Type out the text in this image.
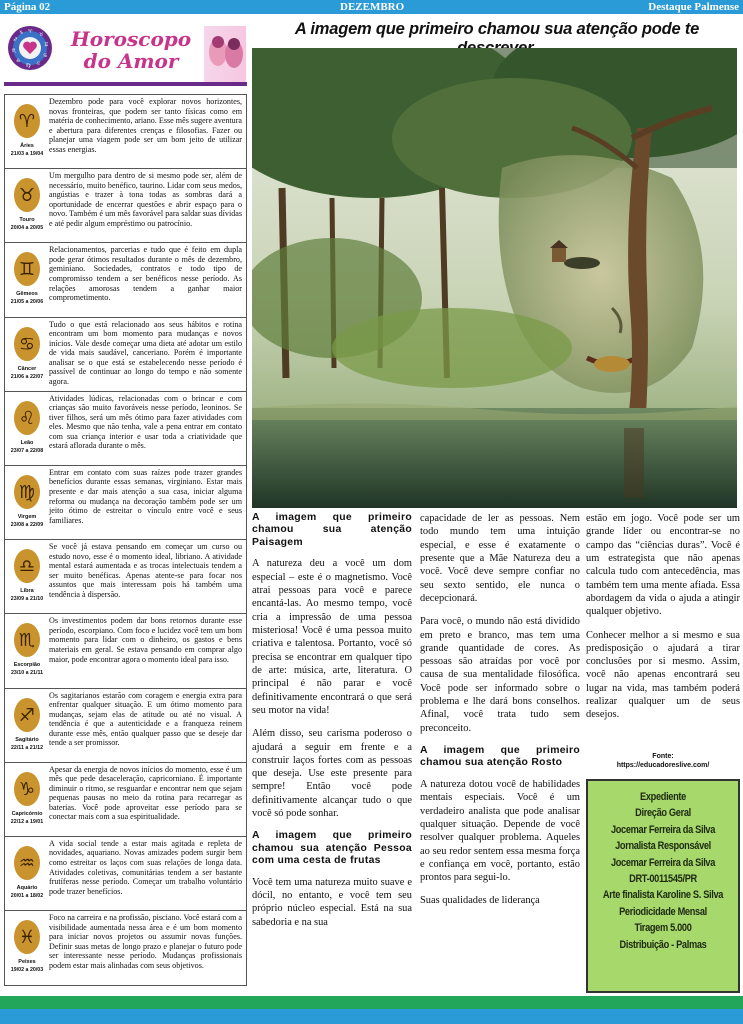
Página 02	DEZEMBRO	Destaque Palmense
A imagem que primeiro chamou sua atenção pode te
♈ ♉
♊
♋
♌
♍
♎
♏
♐
♑	Horoscopo
do Amor
♈
Áries
21/03 a 19/04
Dezembro pode para você explorar novos horizontes, novas fronteiras, que podem ser tanto físicas como em matéria de conhecimento, ariano. Esse mês sugere aventura e abertura para diferentes crenças e filosofias. Fazer ou planejar uma viagem pode ser um bom jeito de utilizar essas energias.
♉
Touro
20/04 a 20/05
Um mergulho para dentro de si mesmo pode ser, além de necessário, muito benéfico, taurino. Lidar com seus medos, angústias e trazer à tona todas as sombras dará a oportunidade de encerrar questões e abrir espaço para o novo. Também é um mês favorável para saldar suas dívidas e até pedir algum empréstimo ou patrocínio.
♊
Gêmeos
21/05 a 20/06
Relacionamentos, parcerias e tudo que é feito em dupla pode gerar ótimos resultados durante o mês de dezembro, geminiano. Sociedades, contratos e todo tipo de compromisso tendem a ser benéficos nesse período. As relações amorosas tendem a ganhar maior comprometimento.
♋
Câncer
21/06 a 22/07
Tudo o que está relacionado aos seus hábitos e rotina encontram um bom momento para mudanças e novos inícios. Vale desde começar uma dieta até adotar um estilo de vida mais saudável, canceriano. Porém é importante analisar se o que está se estabelecendo nesse período é passível de continuar ao longo do tempo e não somente agora.
♌
Leão
23/07 a 22/08
Atividades lúdicas, relacionadas com o brincar e com crianças são muito favoráveis nesse período, leoninos. Se tiver filhos, será um mês ótimo para fazer atividades com eles. Mesmo que não tenha, vale a pena entrar em contato com sua criança interior e usar toda a criatividade que estará aflorada durante o mês.
♍
Virgem
23/08 a 22/09
Entrar em contato com suas raízes pode trazer grandes benefícios durante essas semanas, virginiano. Estar mais presente e dar mais atenção a sua casa, iniciar alguma reforma ou mudança na decoração também pode ser um jeito ótimo de estreitar o vínculo entre você e seus familiares.
♎
Libra
23/09 a 21/10
Se você já estava pensando em começar um curso ou estudo novo, esse é o momento ideal, libriano. A atividade mental estará aumentada e as trocas intelectuais tendem a ser muito benéficas. Apenas atente-se para focar nos assuntos que mais interessam pois há também uma tendência à dispersão.
♏
Escorpião
23/10 a 21/11
Os investimentos podem dar bons retornos durante esse período, escorpiano. Com foco e lucidez você tem um bom momento para lidar com o dinheiro, os gastos e bens materiais em geral. Se estava pensando em comprar algo maior, pode encontrar agora o momento ideal para isso.
♐
Sagitário
22/11 a 21/12
Os sagitarianos estarão com coragem e energia extra para enfrentar qualquer situação. E um ótimo momento para mudanças, sejam elas de atitude ou até no visual. A tendência é que a autenticidade e a franqueza reinem durante esse mês, então qualquer passo que se deseje dar tende a ser promissor.
♑
Capricórnio
22/12 a 19/01
Apesar da energia de novos inícios do momento, esse é um mês que pede desaceleração, capricorniano. É importante diminuir o ritmo, se resguardar e encontrar nem que sejam pequenas pausas no meio da rotina para recarregar as baterias. Você pode aproveitar esse período para se conectar mais com a sua espiritualidade.
♒
Aquário
20/01 a 18/02
A vida social tende a estar mais agitada e repleta de novidades, aquariano. Novas amizades podem surgir bem como estreitar os laços com suas relações de longa data. Atividades coletivas, comunitárias tendem a ser bastante frutíferas nesse período. Começar um trabalho voluntário pode trazer benefícios.
♓
Peixes
19/02 a 20/03
Foco na carreira e na profissão, pisciano. Você estará com a visibilidade aumentada nessa área e é um bom momento para iniciar novos projetos ou assumir novas funções. Definir suas metas de longo prazo e planejar o futuro pode ser interessante nesse período. Mudanças profissionais podem estar mais alinhadas com seus objetivos.
A imagem que primeiro chamou sua atenção Paisagem

A natureza deu a você um dom especial – este é o magnetismo. Você atrai pessoas para você e parece encantá-las. Ao mesmo tempo, você cria a impressão de uma pessoa misteriosa! Você é uma pessoa muito criativa e talentosa. Portanto, você só precisa se encontrar em qualquer tipo de arte: música, arte, literatura. O principal é não parar e você definitivamente encontrará o que será seu motor na vida!

Além disso, seu carisma poderoso o ajudará a seguir em frente e a construir laços fortes com as pessoas que deseja. Use este presente para sempre! Então você pode definitivamente alcançar tudo o que você só pode sonhar.

A imagem que primeiro chamou sua atenção Pessoa com uma cesta de frutas

Você tem uma natureza muito suave e dócil, no entanto, e você tem seu próprio núcleo especial. Está na sua sabedoria e na sua

capacidade de ler as pessoas. Nem todo mundo tem uma intuição especial, e esse é exatamente o presente que a Mãe Natureza deu a você. Você deve sempre confiar no seu sexto sentido, ele nunca o decepcionará.

Para você, o mundo não está dividido em preto e branco, mas tem uma grande quantidade de cores. As pessoas são atraídas por você por causa de sua mentalidade filosófica. Você pode ser informado sobre o problema e lhe dará bons conselhos. Afinal, você trata tudo sem preconceito.

A imagem que primeiro chamou sua atenção Rosto

A natureza dotou você de habilidades mentais especiais. Você é um verdadeiro analista que pode analisar qualquer situação. Depende de você resolver qualquer problema. Aqueles ao seu redor sentem essa mesma força e confiança em você, portanto, estão prontos para segui-lo.

Suas qualidades de liderança

estão em jogo. Você pode ser um grande líder ou encontrar-se no campo das “ciências duras”. Você é um estrategista que não apenas calcula tudo com antecedência, mas também tem uma mente afiada. Essa abordagem da vida o ajuda a atingir qualquer objetivo.

Conhecer melhor a si mesmo e sua predisposição o ajudará a tirar conclusões por si mesmo. Assim, você não apenas encontrará seu lugar na vida, mas também poderá realizar qualquer um de seus desejos.

Fonte:
https://educadoreslive.com/
Expediente
Direção Geral
Jocemar Ferreira da Silva
Jornalista Responsável
Jocemar Ferreira da Silva
DRT-0011545/PR
Arte finalista Karoline S. Silva
Periodicidade Mensal
Tiragem 5.000
Distribuição - Palmas
